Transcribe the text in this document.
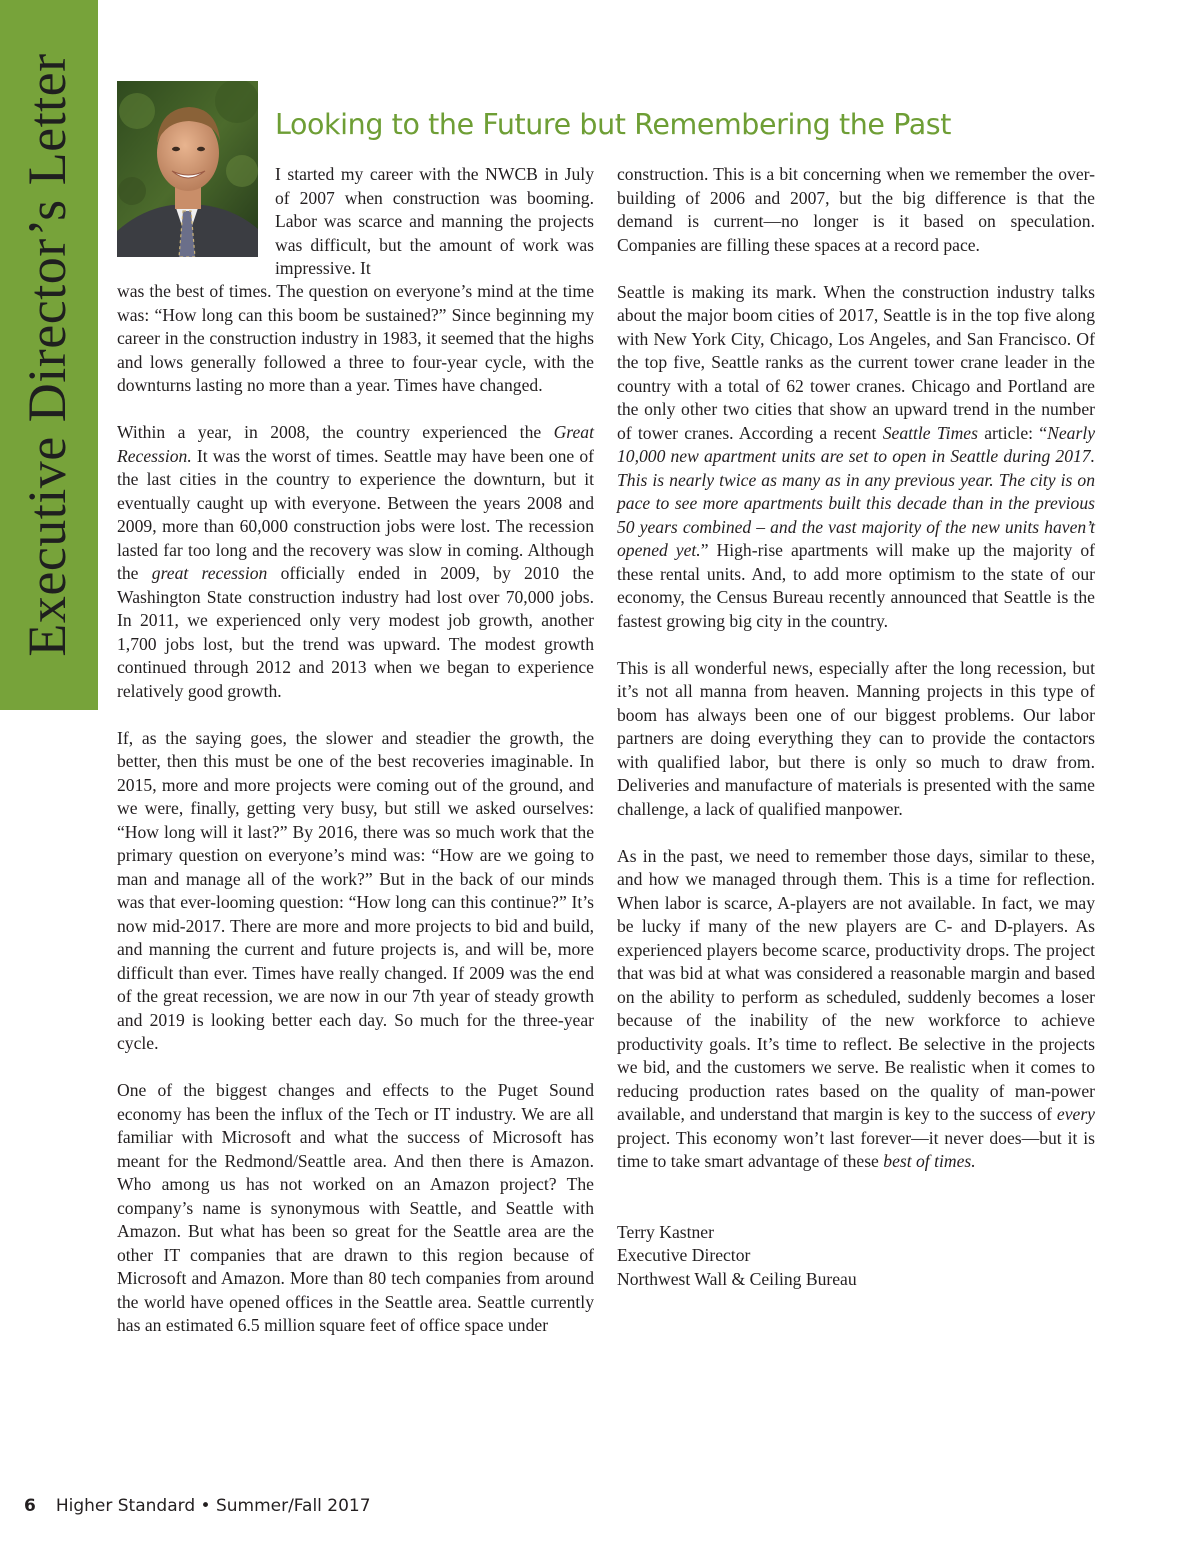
Executive Director’s Letter	Looking to the Future but Remembering the Past

I started my career with the NWCB in July of 2007 when construction was booming. Labor was scarce and manning the projects was difficult, but the amount of work was impressive. It

was the best of times. The question on everyone’s mind at the time was: “How long can this boom be sustained?” Since beginning my career in the construction industry in 1983, it seemed that the highs and lows generally followed a three to four-year cycle, with the downturns lasting no more than a year. Times have changed.

Within a year, in 2008, the country experienced the Great Recession. It was the worst of times. Seattle may have been one of the last cities in the country to experience the downturn, but it eventually caught up with everyone. Between the years 2008 and 2009, more than 60,000 construction jobs were lost. The recession lasted far too long and the recovery was slow in coming. Although the great recession officially ended in 2009, by 2010 the Washington State construction industry had lost over 70,000 jobs. In 2011, we experienced only very modest job growth, another 1,700 jobs lost, but the trend was upward. The modest growth continued through 2012 and 2013 when we began to experience relatively good growth.

If, as the saying goes, the slower and steadier the growth, the better, then this must be one of the best recoveries imaginable. In 2015, more and more projects were coming out of the ground, and we were, finally, getting very busy, but still we asked ourselves: “How long will it last?” By 2016, there was so much work that the primary question on everyone’s mind was: “How are we going to man and manage all of the work?” But in the back of our minds was that ever-looming question: “How long can this continue?” It’s now mid-2017. There are more and more projects to bid and build, and manning the current and future projects is, and will be, more difficult than ever. Times have really changed. If 2009 was the end of the great recession, we are now in our 7th year of steady growth and 2019 is looking better each day. So much for the three-year cycle.

One of the biggest changes and effects to the Puget Sound economy has been the influx of the Tech or IT industry. We are all familiar with Microsoft and what the success of Microsoft has meant for the Redmond/Seattle area. And then there is Amazon. Who among us has not worked on an Amazon project? The company’s name is synonymous with Seattle, and Seattle with Amazon. But what has been so great for the Seattle area are the other IT companies that are drawn to this region because of Microsoft and Amazon. More than 80 tech companies from around the world have opened offices in the Seattle area. Seattle currently has an estimated 6.5 million square feet of office space under

construction. This is a bit concerning when we remember the over-building of 2006 and 2007, but the big difference is that the demand is current—no longer is it based on speculation. Companies are filling these spaces at a record pace.

Seattle is making its mark. When the construction industry talks about the major boom cities of 2017, Seattle is in the top five along with New York City, Chicago, Los Angeles, and San Francisco. Of the top five, Seattle ranks as the current tower crane leader in the country with a total of 62 tower cranes. Chicago and Portland are the only other two cities that show an upward trend in the number of tower cranes. According a recent Seattle Times article: “Nearly 10,000 new apartment units are set to open in Seattle during 2017. This is nearly twice as many as in any previous year. The city is on pace to see more apartments built this decade than in the previous 50 years combined – and the vast majority of the new units haven’t opened yet.” High-rise apartments will make up the majority of these rental units. And, to add more optimism to the state of our economy, the Census Bureau recently announced that Seattle is the fastest growing big city in the country.

This is all wonderful news, especially after the long recession, but it’s not all manna from heaven. Manning projects in this type of boom has always been one of our biggest problems. Our labor partners are doing everything they can to provide the contactors with qualified labor, but there is only so much to draw from. Deliveries and manufacture of materials is presented with the same challenge, a lack of qualified manpower.

As in the past, we need to remember those days, similar to these, and how we managed through them. This is a time for reflection. When labor is scarce, A-players are not available. In fact, we may be lucky if many of the new players are C- and D-players. As experienced players become scarce, productivity drops. The project that was bid at what was considered a reasonable margin and based on the ability to perform as scheduled, suddenly becomes a loser because of the inability of the new workforce to achieve productivity goals. It’s time to reflect. Be selective in the projects we bid, and the customers we serve. Be realistic when it comes to reducing production rates based on the quality of man-power available, and understand that margin is key to the success of every project. This economy won’t last forever—it never does—but it is time to take smart advantage of these best of times.

Terry Kastner
Executive Director
Northwest Wall & Ceiling Bureau

6 Higher Standard • Summer/Fall 2017
